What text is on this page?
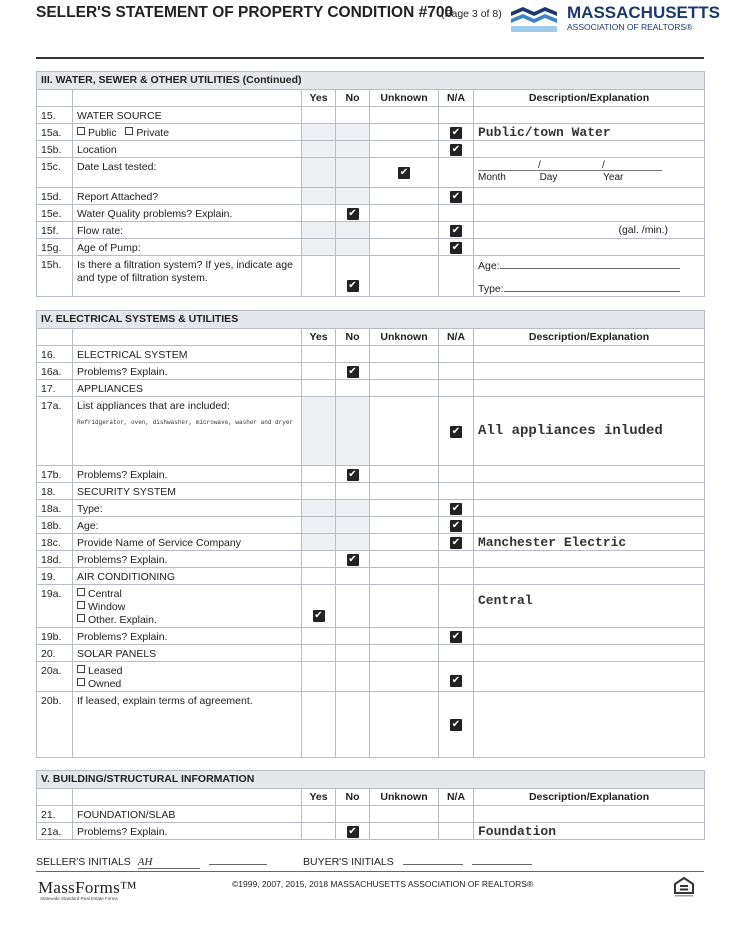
SELLER'S STATEMENT OF PROPERTY CONDITION #700
(Page 3 of 8)	MASSACHUSETTS
ASSOCIATION OF REALTORS®
III. WATER, SEWER & OTHER UTILITIES (Continued)						
		Yes	No	Unknown	N/A	Description/Explanation
15.	WATER SOURCE					
15a.	Public Private				✔	Public/town Water
15b.	Location				✔	
15c.	Date Last tested:			✔		/ /
Month Day Year
15d.	Report Attached?				✔	
15e.	Water Quality problems? Explain.		✔			
15f.	Flow rate:				✔	(gal. /min.)
15g.	Age of Pump:				✔	
15h.	Is there a filtration system? If yes, indicate age and type of filtration system.		✔			Age:
Type:
IV. ELECTRICAL SYSTEMS & UTILITIES						
		Yes	No	Unknown	N/A	Description/Explanation
16.	ELECTRICAL SYSTEM					
16a.	Problems? Explain.		✔			
17.	APPLIANCES					
17a.	List appliances that are included:
Refridgerator, oven, dishwasher, microwave, washer and dryer				✔	All appliances inluded
17b.	Problems? Explain.		✔			
18.	SECURITY SYSTEM					
18a.	Type:				✔	
18b.	Age:				✔	
18c.	Provide Name of Service Company				✔	Manchester Electric
18d.	Problems? Explain.		✔			
19.	AIR CONDITIONING					
19a.	Central
Window
Other. Explain.	✔				Central
19b.	Problems? Explain.				✔	
20.	SOLAR PANELS					
20a.	Leased
Owned				✔	
20b.	If leased, explain terms of agreement.				✔	
V. BUILDING/STRUCTURAL INFORMATION						
		Yes	No	Unknown	N/A	Description/Explanation
21.	FOUNDATION/SLAB					
21a.	Problems? Explain.		✔			Foundation
SELLER'S INITIALS AH	BUYER'S INITIALS
MassForms™
Statewide Standard Real Estate Forms
©1999, 2007, 2015, 2018 MASSACHUSETTS ASSOCIATION OF REALTORS®
